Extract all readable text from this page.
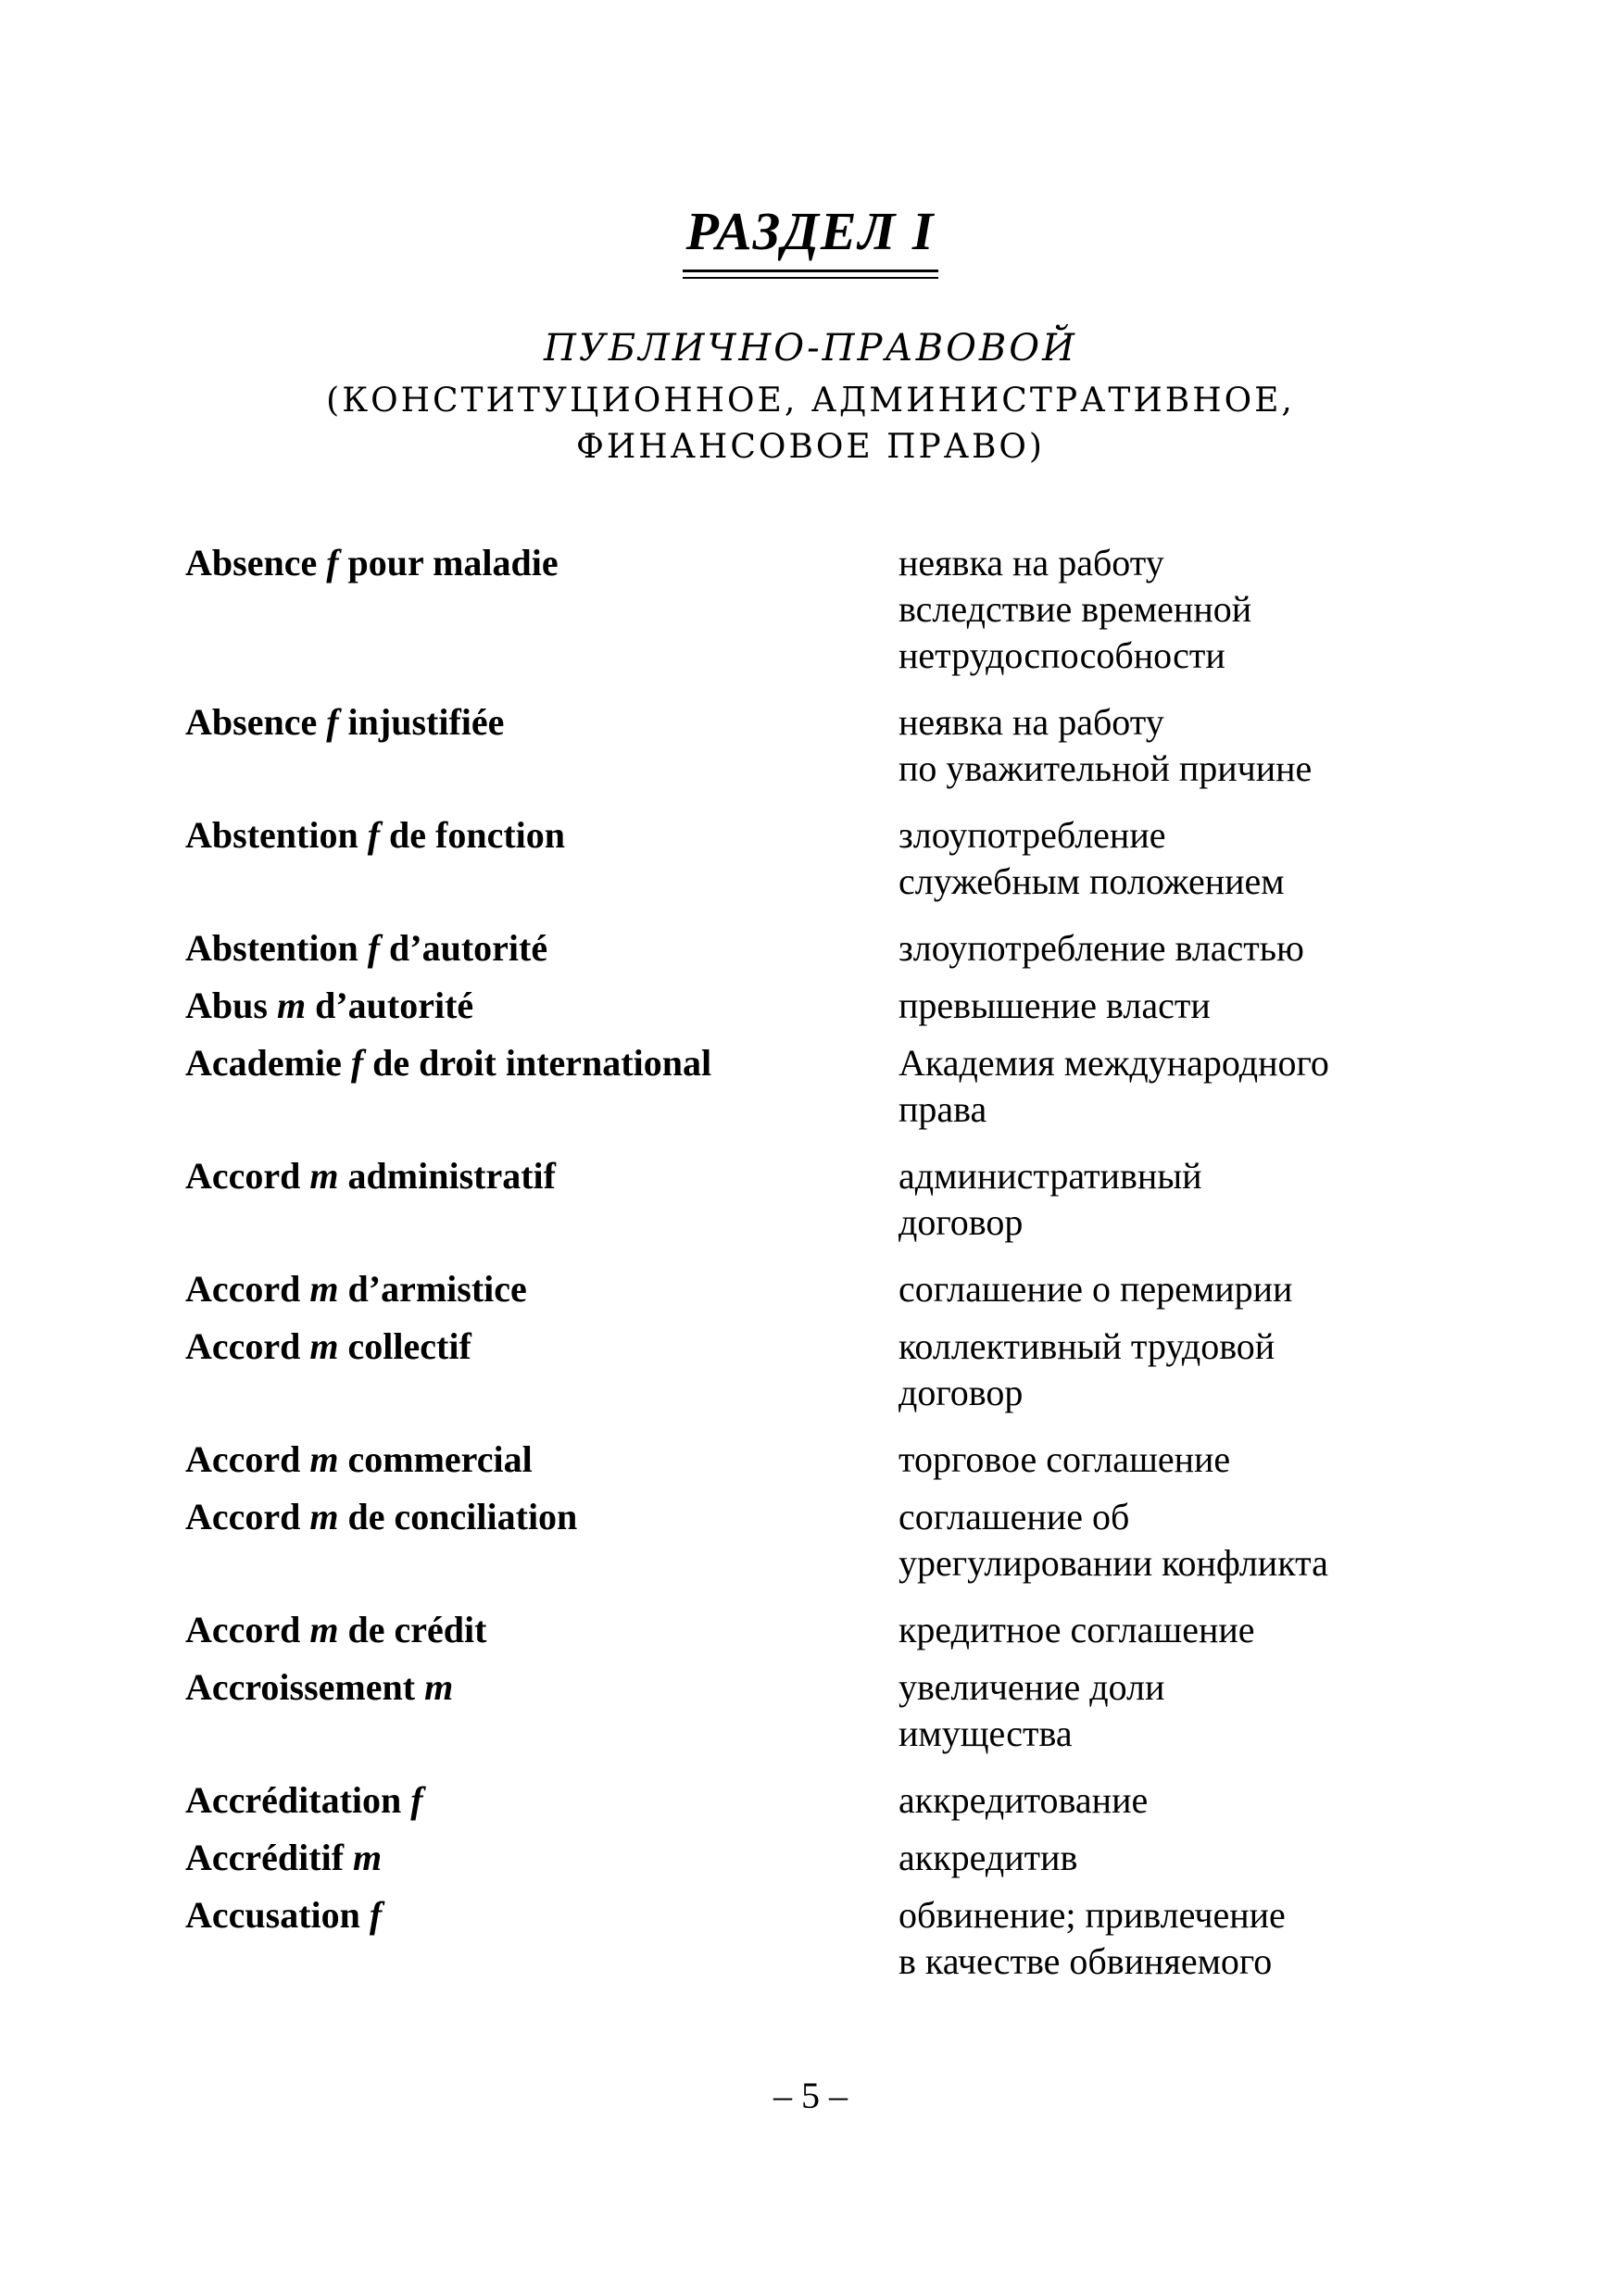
РАЗДЕЛ I
ПУБЛИЧНО-ПРАВОВОЙ
(КОНСТИТУЦИОННОЕ, АДМИНИСТРАТИВНОЕ,
ФИНАНСОВОЕ ПРАВО)
Absence f pour maladie	неявка на работу
вследствие временной
нетрудоспособности
Absence f injustifiée	неявка на работу
по уважительной причине
Abstention f de fonction	злоупотребление
служебным положением
Abstention f d’autorité	злоупотребление властью
Abus m d’autorité	превышение власти
Academie f de droit international	Академия международного
права
Accord m administratif	административный
договор
Accord m d’armistice	соглашение о перемирии
Accord m collectif	коллективный трудовой
договор
Accord m commercial	торговое соглашение
Accord m de conciliation	соглашение об
урегулировании конфликта
Accord m de crédit	кредитное соглашение
Accroissement m	увеличение доли
имущества
Accréditation f	аккредитование
Accréditif m	аккредитив
Accusation f	обвинение; привлечение
в качестве обвиняемого
– 5 –
